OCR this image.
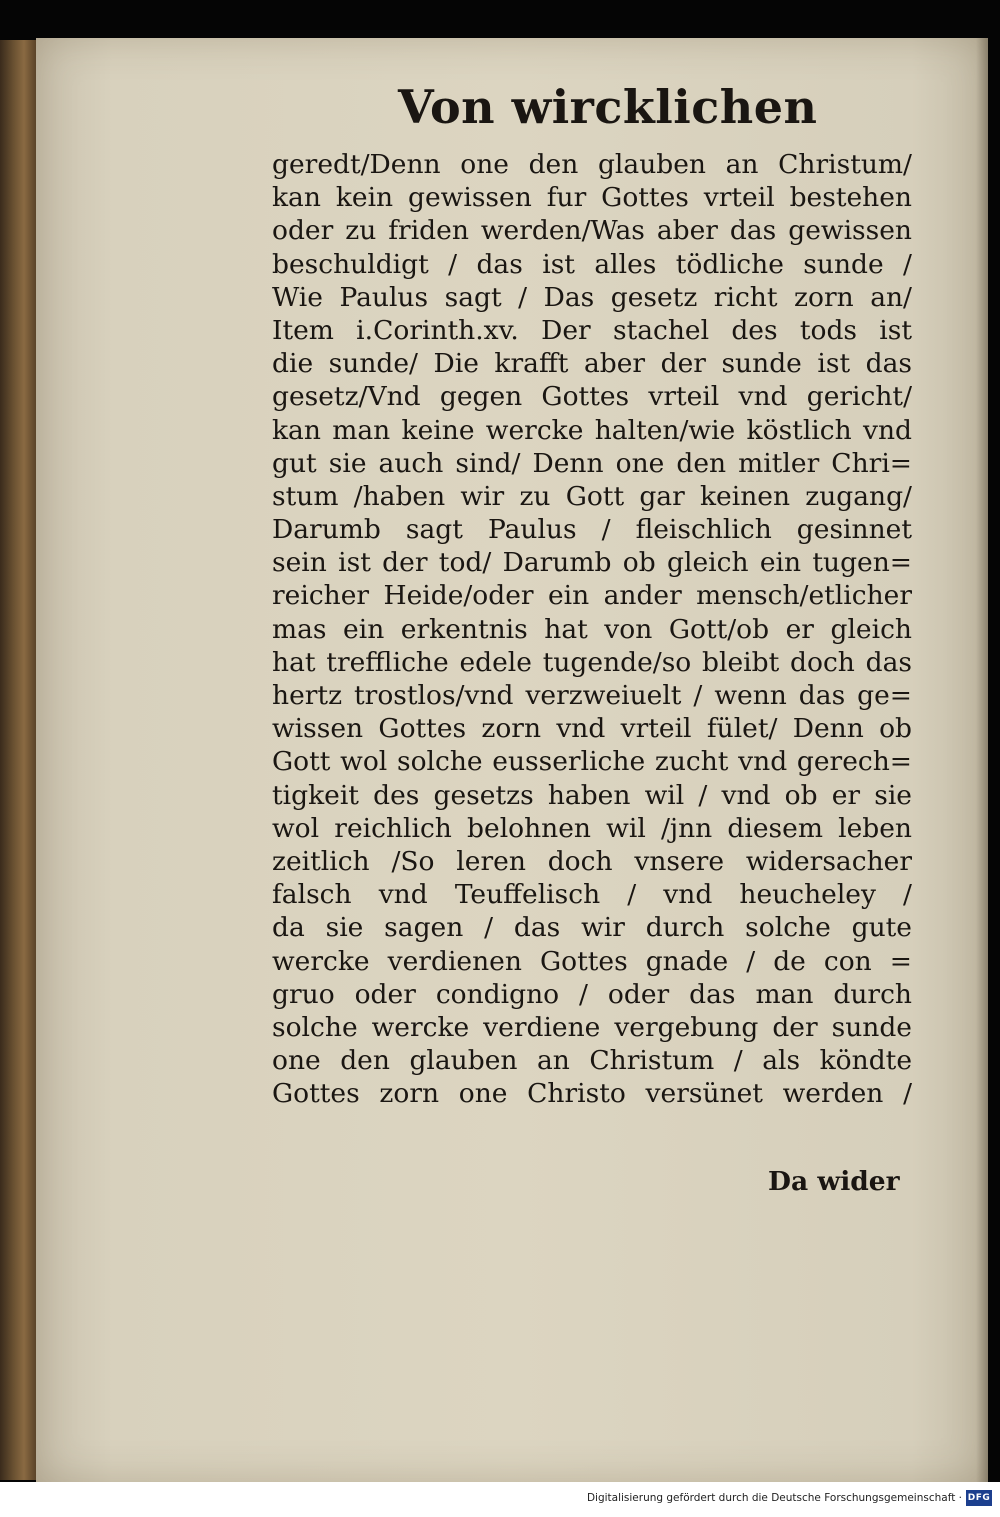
Von wircklichen
geredt/Denn one den glauben an Christum/
kan kein gewissen fur Gottes vrteil bestehen
oder zu friden werden/Was aber das gewissen
beschuldigt / das ist alles tödliche sunde /
Wie Paulus sagt / Das gesetz richt zorn an/
Item i.Corinth.xv. Der stachel des tods ist
die sunde/ Die krafft aber der sunde ist das
gesetz/Vnd gegen Gottes vrteil vnd gericht/
kan man keine wercke halten/wie köstlich vnd
gut sie auch sind/ Denn one den mitler Chri=
stum /haben wir zu Gott gar keinen zugang/
Darumb sagt Paulus / fleischlich gesinnet
sein ist der tod/ Darumb ob gleich ein tugen=
reicher Heide/oder ein ander mensch/etlicher
mas ein erkentnis hat von Gott/ob er gleich
hat treffliche edele tugende/so bleibt doch das
hertz trostlos/vnd verzweiuelt / wenn das ge=
wissen Gottes zorn vnd vrteil fület/ Denn ob
Gott wol solche eusserliche zucht vnd gerech=
tigkeit des gesetzs haben wil / vnd ob er sie
wol reichlich belohnen wil /jnn diesem leben
zeitlich /So leren doch vnsere widersacher
falsch vnd Teuffelisch / vnd heucheley /
da sie sagen / das wir durch solche gute
wercke verdienen Gottes gnade / de con =
gruo oder condigno / oder das man durch
solche wercke verdiene vergebung der sunde
one den glauben an Christum / als köndte
Gottes zorn one Christo versünet werden /
Da wider
Digitalisierung gefördert durch die Deutsche Forschungsgemeinschaft · DFG
